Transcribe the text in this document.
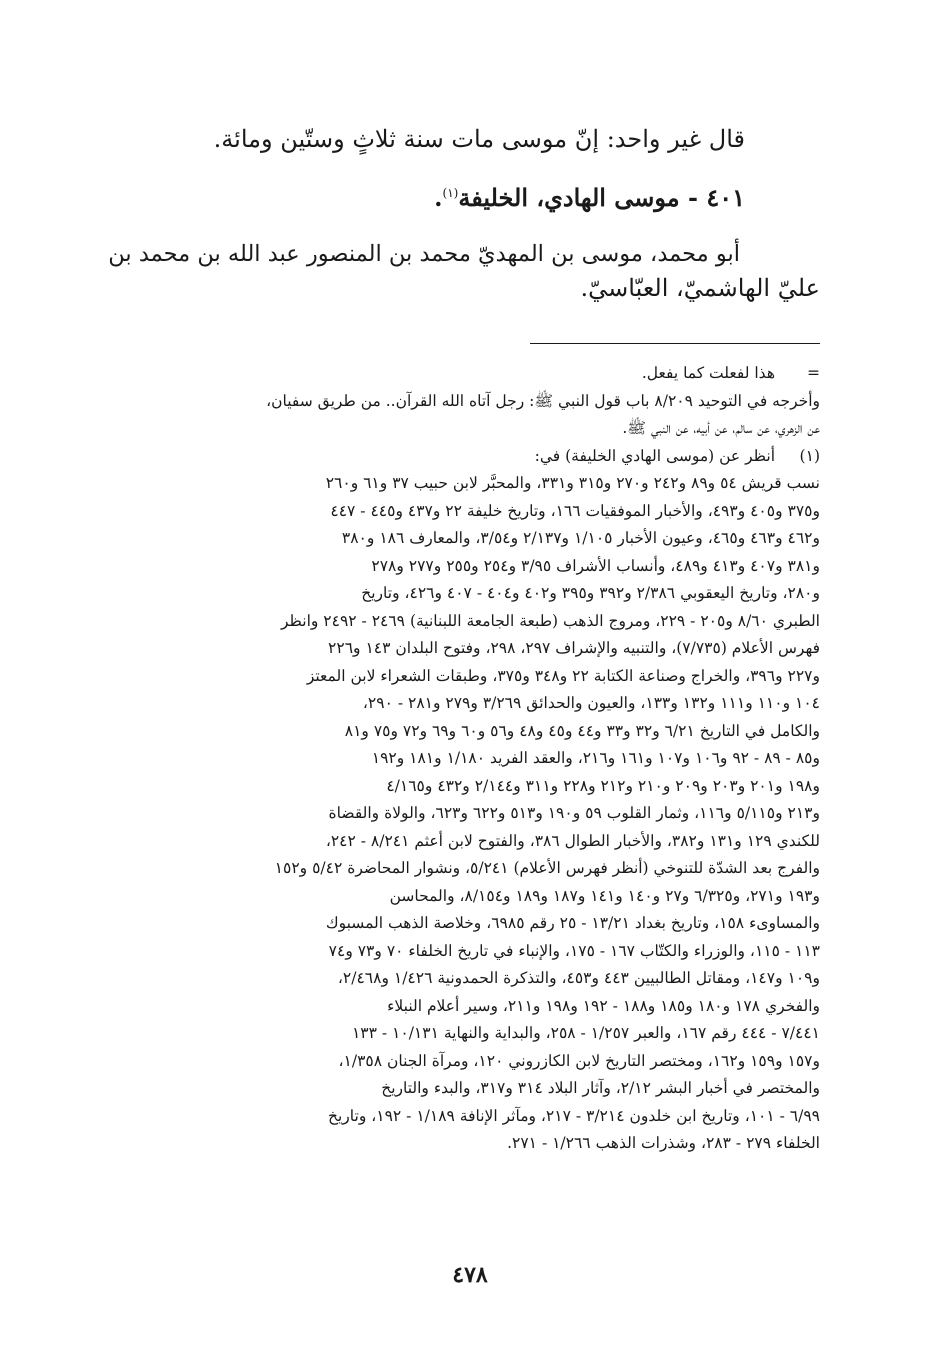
قال غير واحد: إنّ موسى مات سنة ثلاثٍ وستّين ومائة.

٤٠١ - موسى الهادي، الخليفة$^{(١)}$.

أبو محمد، موسى بن المهديّ محمد بن المنصور عبد الله بن محمد بن
عليّ الهاشميّ، العبّاسيّ.
=
هذا لفعلت كما يفعل.
وأخرجه في التوحيد ٨/٢٠٩ باب قول النبي ﷺ: رجل آتاه الله القرآن.. من طريق سفيان،
عن الزهري، عن سالم، عن أبيه، عن النبي ﷺ.
(١)
أنظر عن (موسى الهادي الخليفة) في:
نسب قريش ٥٤ و٨٩ و٢٤٢ و٢٧٠ و٣١٥ و٣٣١، والمحبَّر لابن حبيب ٣٧ و٦١ و٢٦٠
و٣٧٥ و٤٠٥ و٤٩٣، والأخبار الموفقيات ١٦٦، وتاريخ خليفة ٢٢ و٤٣٧ و٤٤٥ - ٤٤٧
و٤٦٢ و٤٦٣ و٤٦٥، وعيون الأخبار ١/١٠٥ و٢/١٣٧ و٣/٥٤، والمعارف ١٨٦ و٣٨٠
و٣٨١ و٤٠٧ و٤١٣ و٤٨٩، وأنساب الأشراف ٣/٩٥ و٢٥٤ و٢٥٥ و٢٧٧ و٢٧٨
و٢٨٠، وتاريخ اليعقوبي ٢/٣٨٦ و٣٩٢ و٣٩٥ و٤٠٢ و٤٠٤ - ٤٠٧ و٤٢٦، وتاريخ
الطبري ٨/٦٠ و٢٠٥ - ٢٢٩، ومروج الذهب (طبعة الجامعة اللبنانية) ٢٤٦٩ - ٢٤٩٢ وانظر
فهرس الأعلام (٧/٧٣٥)، والتنبيه والإشراف ٢٩٧، ٢٩٨، وفتوح البلدان ١٤٣ و٢٢٦
و٢٢٧ و٣٩٦، والخراج وصناعة الكتابة ٢٢ و٣٤٨ و٣٧٥، وطبقات الشعراء لابن المعتز
١٠٤ و١١٠ و١١١ و١٣٢ و١٣٣، والعيون والحدائق ٣/٢٦٩ و٢٧٩ و٢٨١ - ٢٩٠،
والكامل في التاريخ ٦/٢١ و٣٢ و٣٣ و٤٤ و٤٥ و٤٨ و٥٦ و٦٠ و٦٩ و٧٢ و٧٥ و٨١
و٨٥ - ٨٩ - ٩٢ و١٠٦ و١٠٧ و١٦١ و٢١٦، والعقد الفريد ١/١٨٠ و١٨١ و١٩٢
و١٩٨ و٢٠١ و٢٠٣ و٢٠٩ و٢١٠ و٢١٢ و٢٢٨ و٣١١ و٢/١٤٤ و٤٣٢ و٤/١٦٥
و٢١٣ و٥/١١٥ و١١٦، وثمار القلوب ٥٩ و١٩٠ و٥١٣ و٦٢٢ و٦٢٣، والولاة والقضاة
للكندي ١٢٩ و١٣١ و٣٨٢، والأخبار الطوال ٣٨٦، والفتوح لابن أعثم ٨/٢٤١ - ٢٤٢،
والفرج بعد الشدّة للتنوخي (أنظر فهرس الأعلام) ٥/٢٤١، ونشوار المحاضرة ٥/٤٢ و١٥٢
و١٩٣ و٢٧١، و٦/٣٢٥ و٢٧ و١٤٠ و١٤١ و١٨٧ و١٨٩ و٨/١٥٤، والمحاسن
والمساوىء ١٥٨، وتاريخ بغداد ١٣/٢١ - ٢٥ رقم ٦٩٨٥، وخلاصة الذهب المسبوك
١١٣ - ١١٥، والوزراء والكتّاب ١٦٧ - ١٧٥، والإنباء في تاريخ الخلفاء ٧٠ و٧٣ و٧٤
و١٠٩ و١٤٧، ومقاتل الطالبيين ٤٤٣ و٤٥٣، والتذكرة الحمدونية ١/٤٢٦ و٢/٤٦٨،
والفخري ١٧٨ و١٨٠ و١٨٥ و١٨٨ - ١٩٢ و١٩٨ و٢١١، وسير أعلام النبلاء
٧/٤٤١ - ٤٤٤ رقم ١٦٧، والعبر ١/٢٥٧ - ٢٥٨، والبداية والنهاية ١٠/١٣١ - ١٣٣
و١٥٧ و١٥٩ و١٦٢، ومختصر التاريخ لابن الكازروني ١٢٠، ومرآة الجنان ١/٣٥٨،
والمختصر في أخبار البشر ٢/١٢، وآثار البلاد ٣١٤ و٣١٧، والبدء والتاريخ
٦/٩٩ - ١٠١، وتاريخ ابن خلدون ٣/٢١٤ - ٢١٧، ومآثر الإنافة ١/١٨٩ - ١٩٢، وتاريخ
الخلفاء ٢٧٩ - ٢٨٣، وشذرات الذهب ١/٢٦٦ - ٢٧١.
٤٧٨
